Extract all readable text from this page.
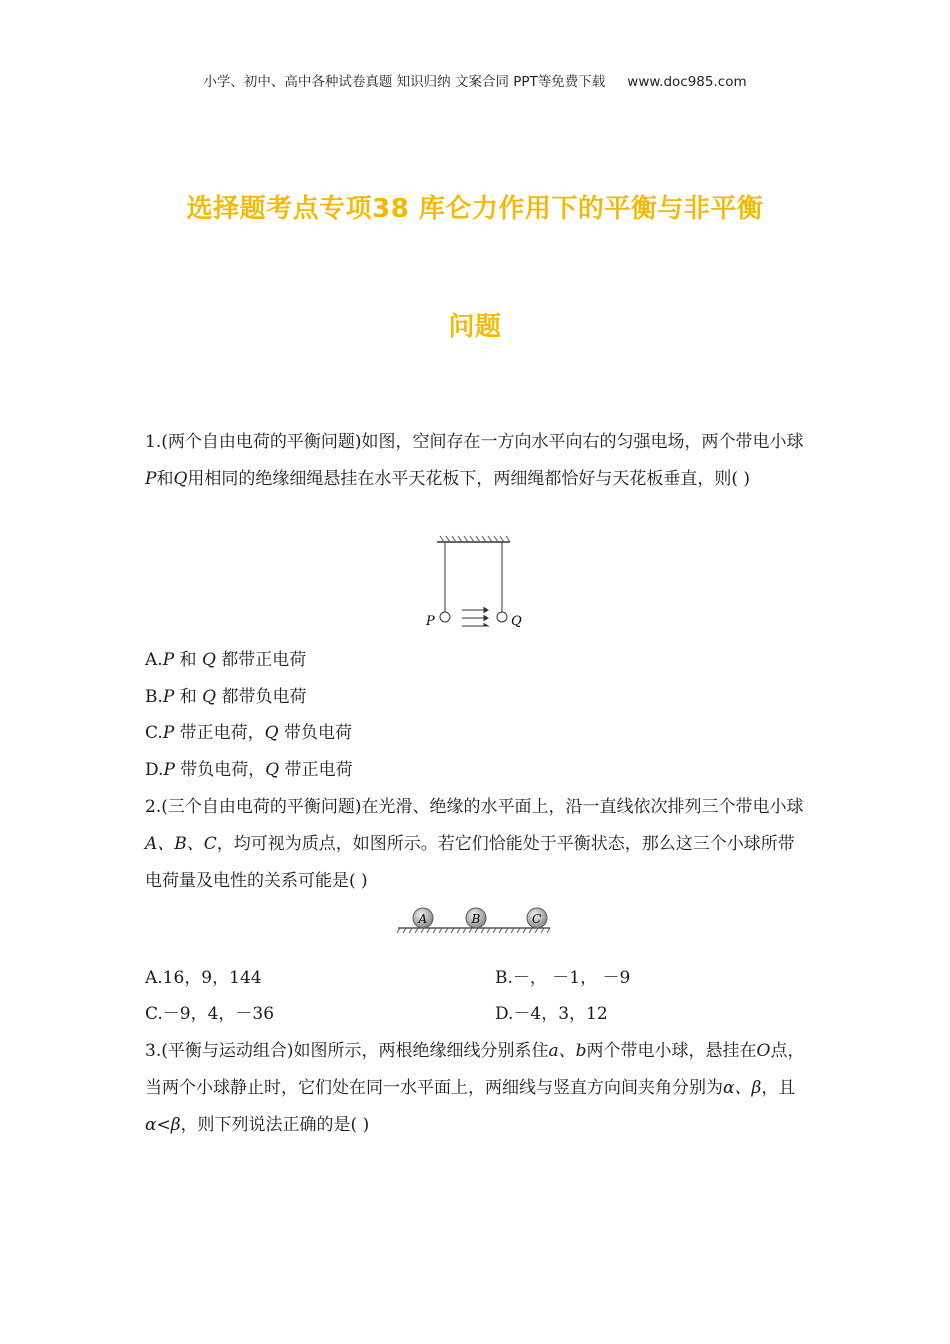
小学、初中、高中各种试卷真题 知识归纳 文案合同 PPT等免费下载 www.doc985.com
选择题考点专项38 库仑力作用下的平衡与非平衡
问题
1.(两个自由电荷的平衡问题)如图，空间存在一方向水平向右的匀强电场，两个带电小球P和Q用相同的绝缘细绳悬挂在水平天花板下，两细绳都恰好与天花板垂直，则( )
P	Q
A.P 和 Q 都带正电荷
B.P 和 Q 都带负电荷
C.P 带正电荷，Q 带负电荷
D.P 带负电荷，Q 带正电荷
2.(三个自由电荷的平衡问题)在光滑、绝缘的水平面上，沿一直线依次排列三个带电小球A、B、C，均可视为质点，如图所示。若它们恰能处于平衡状态，那么这三个小球所带电荷量及电性的关系可能是( )
A	B	C
A.16，9，144	B.－， －1， －9
C.－9，4，－36	D.－4，3，12
3.(平衡与运动组合)如图所示，两根绝缘细线分别系住a、b两个带电小球，悬挂在O点，当两个小球静止时，它们处在同一水平面上，两细线与竖直方向间夹角分别为α、β，且α<β，则下列说法正确的是( )
